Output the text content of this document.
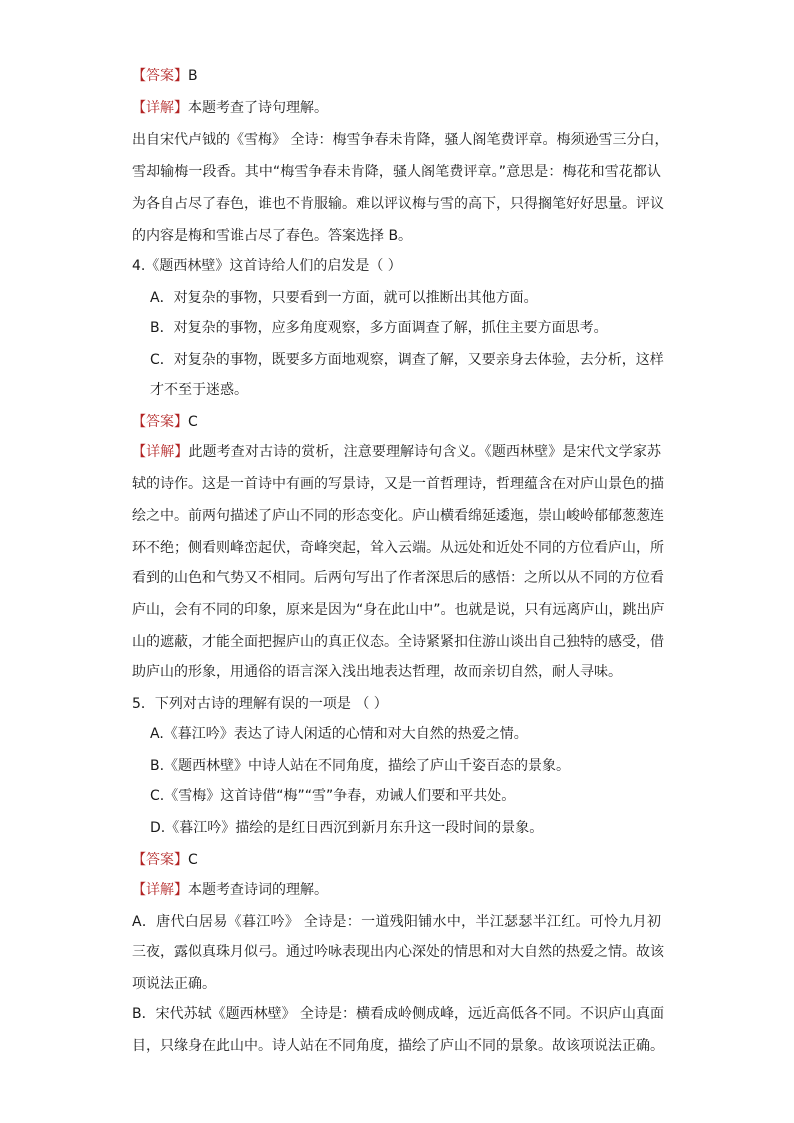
【答案】B
【详解】本题考查了诗句理解。
出自宋代卢钺的《雪梅》 全诗：梅雪争春未肯降，骚人阁笔费评章。梅须逊雪三分白，
雪却输梅一段香。其中“梅雪争春未肯降，骚人阁笔费评章。”意思是：梅花和雪花都认
为各自占尽了春色，谁也不肯服输。难以评议梅与雪的高下，只得搁笔好好思量。评议
的内容是梅和雪谁占尽了春色。答案选择 B。
4.《题西林壁》这首诗给人们的启发是（ ）
A．对复杂的事物，只要看到一方面，就可以推断出其他方面。
B．对复杂的事物，应多角度观察，多方面调查了解，抓住主要方面思考。
C．对复杂的事物，既要多方面地观察，调查了解，又要亲身去体验，去分析，这样
才不至于迷惑。
【答案】C
【详解】此题考查对古诗的赏析，注意要理解诗句含义。《题西林壁》是宋代文学家苏
轼的诗作。这是一首诗中有画的写景诗，又是一首哲理诗，哲理蕴含在对庐山景色的描
绘之中。前两句描述了庐山不同的形态变化。庐山横看绵延逶迤，崇山峻岭郁郁葱葱连
环不绝；侧看则峰峦起伏，奇峰突起，耸入云端。从远处和近处不同的方位看庐山，所
看到的山色和气势又不相同。后两句写出了作者深思后的感悟：之所以从不同的方位看
庐山，会有不同的印象，原来是因为“身在此山中”。也就是说，只有远离庐山，跳出庐
山的遮蔽，才能全面把握庐山的真正仪态。全诗紧紧扣住游山谈出自己独特的感受，借
助庐山的形象，用通俗的语言深入浅出地表达哲理，故而亲切自然，耐人寻味。
5．下列对古诗的理解有误的一项是 （ ）
A.《暮江吟》表达了诗人闲适的心情和对大自然的热爱之情。
B.《题西林壁》中诗人站在不同角度，描绘了庐山千姿百态的景象。
C.《雪梅》这首诗借“梅”“雪”争春，劝诫人们要和平共处。
D.《暮江吟》描绘的是红日西沉到新月东升这一段时间的景象。
【答案】C
【详解】本题考查诗词的理解。
A．唐代白居易《暮江吟》 全诗是：一道残阳铺水中，半江瑟瑟半江红。可怜九月初
三夜，露似真珠月似弓。通过吟咏表现出内心深处的情思和对大自然的热爱之情。故该
项说法正确。
B．宋代苏轼《题西林壁》 全诗是：横看成岭侧成峰，远近高低各不同。不识庐山真面
目，只缘身在此山中。诗人站在不同角度，描绘了庐山不同的景象。故该项说法正确。
